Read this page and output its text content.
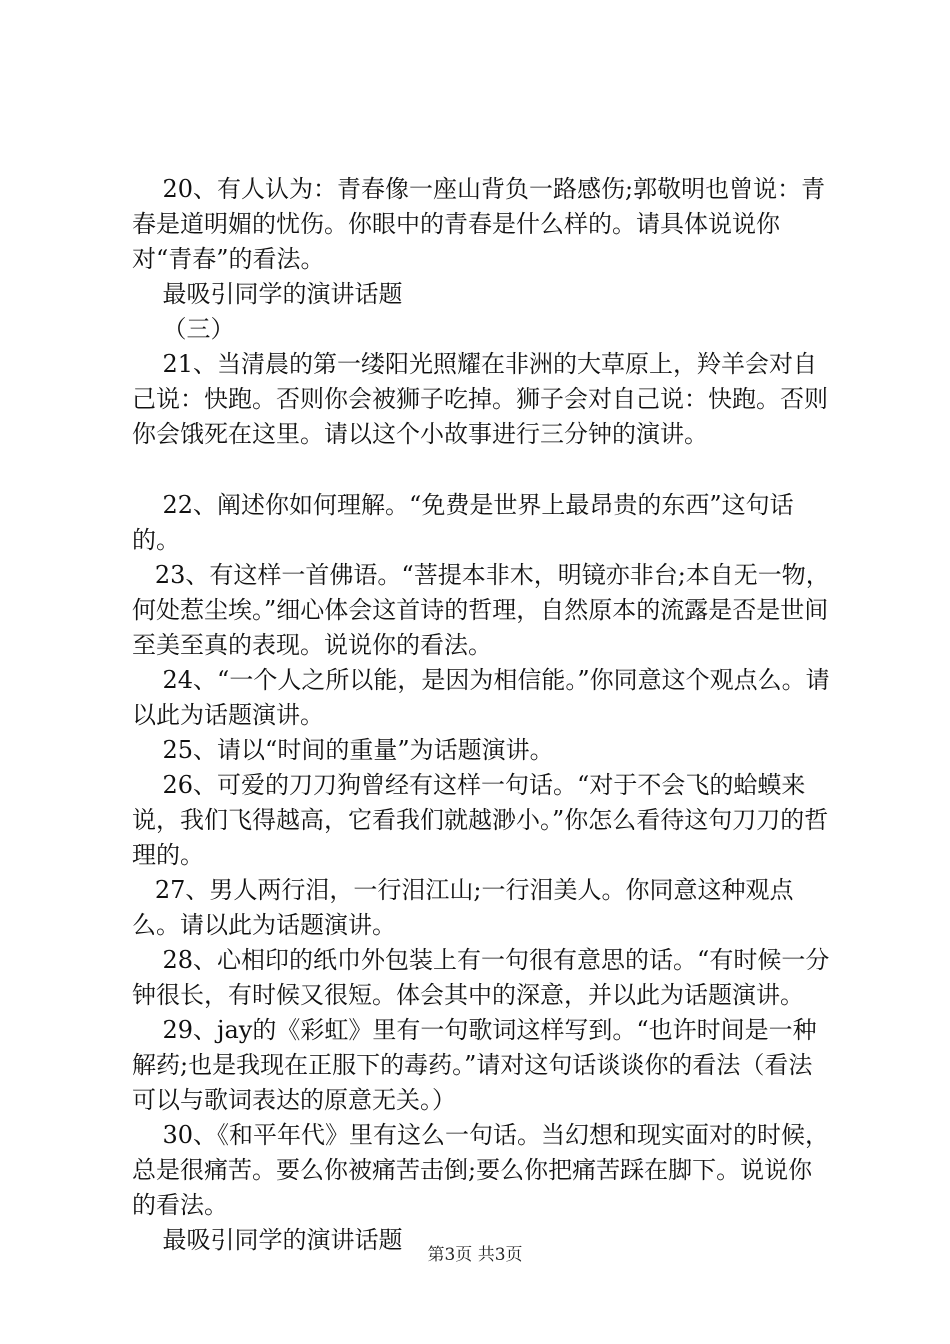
20、有人认为：青春像一座山背负一路感伤;郭敬明也曾说：青春是道明媚的忧伤。你眼中的青春是什么样的。请具体说说你对“青春”的看法。

最吸引同学的演讲话题

（三）

21、当清晨的第一缕阳光照耀在非洲的大草原上，羚羊会对自己说：快跑。否则你会被狮子吃掉。狮子会对自己说：快跑。否则你会饿死在这里。请以这个小故事进行三分钟的演讲。

22、阐述你如何理解。“免费是世界上最昂贵的东西”这句话的。

23、有这样一首佛语。“菩提本非木，明镜亦非台;本自无一物，何处惹尘埃。”细心体会这首诗的哲理，自然原本的流露是否是世间至美至真的表现。说说你的看法。

24、“一个人之所以能，是因为相信能。”你同意这个观点么。请以此为话题演讲。

25、请以“时间的重量”为话题演讲。

26、可爱的刀刀狗曾经有这样一句话。“对于不会飞的蛤蟆来说，我们飞得越高，它看我们就越渺小。”你怎么看待这句刀刀的哲理的。

27、男人两行泪，一行泪江山;一行泪美人。你同意这种观点么。请以此为话题演讲。

28、心相印的纸巾外包装上有一句很有意思的话。“有时候一分钟很长，有时候又很短。体会其中的深意，并以此为话题演讲。

29、jay的《彩虹》里有一句歌词这样写到。“也许时间是一种解药;也是我现在正服下的毒药。”请对这句话谈谈你的看法（看法可以与歌词表达的原意无关。）

30、《和平年代》里有这么一句话。当幻想和现实面对的时候，总是很痛苦。要么你被痛苦击倒;要么你把痛苦踩在脚下。说说你的看法。

最吸引同学的演讲话题

第3页 共3页
